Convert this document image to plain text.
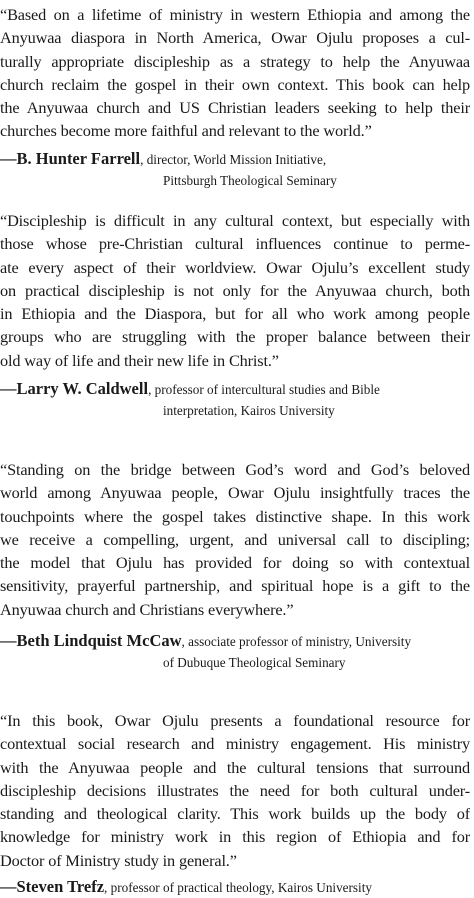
“Based on a lifetime of ministry in western Ethiopia and among the
Anyuwaa diaspora in North America, Owar Ojulu proposes a cul-
turally appropriate discipleship as a strategy to help the Anyuwaa
church reclaim the gospel in their own context. This book can help
the Anyuwaa church and US Christian leaders seeking to help their
churches become more faithful and relevant to the world.”
—B. Hunter Farrell, director, World Mission Initiative,
Pittsburgh Theological Seminary
“Discipleship is difficult in any cultural context, but especially with
those whose pre-Christian cultural influences continue to perme-
ate every aspect of their worldview. Owar Ojulu’s excellent study
on practical discipleship is not only for the Anyuwaa church, both
in Ethiopia and the Diaspora, but for all who work among people
groups who are struggling with the proper balance between their
old way of life and their new life in Christ.”
—Larry W. Caldwell, professor of intercultural studies and Bible
interpretation, Kairos University
“Standing on the bridge between God’s word and God’s beloved
world among Anyuwaa people, Owar Ojulu insightfully traces the
touchpoints where the gospel takes distinctive shape. In this work
we receive a compelling, urgent, and universal call to discipling;
the model that Ojulu has provided for doing so with contextual
sensitivity, prayerful partnership, and spiritual hope is a gift to the
Anyuwaa church and Christians everywhere.”
—Beth Lindquist McCaw, associate professor of ministry, University
of Dubuque Theological Seminary
“In this book, Owar Ojulu presents a foundational resource for
contextual social research and ministry engagement. His ministry
with the Anyuwaa people and the cultural tensions that surround
discipleship decisions illustrates the need for both cultural under-
standing and theological clarity. This work builds up the body of
knowledge for ministry work in this region of Ethiopia and for
Doctor of Ministry study in general.”
—Steven Trefz, professor of practical theology, Kairos University
